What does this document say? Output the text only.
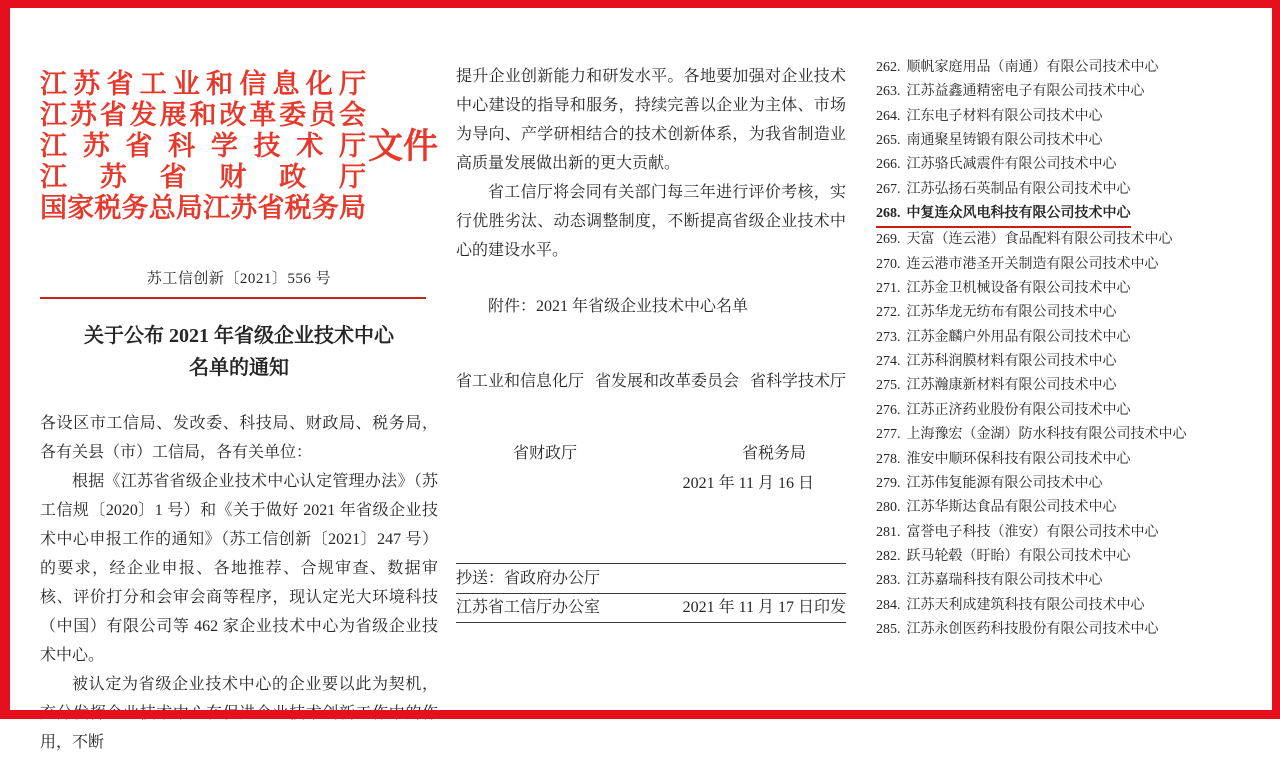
江苏省工业和信息化厅
江苏省发展和改革委员会
江苏省科学技术厅
江苏省财政厅
国家税务总局江苏省税务局
文件
苏工信创新〔2021〕556 号
关于公布 2021 年省级企业技术中心
名单的通知

各设区市工信局、发改委、科技局、财政局、税务局，各有关县（市）工信局，各有关单位：

根据《江苏省省级企业技术中心认定管理办法》（苏工信规〔2020〕1 号）和《关于做好 2021 年省级企业技术中心申报工作的通知》（苏工信创新〔2021〕247 号）的要求，经企业申报、各地推荐、合规审查、数据审核、评价打分和会审会商等程序，现认定光大环境科技（中国）有限公司等 462 家企业技术中心为省级企业技术中心。

被认定为省级企业技术中心的企业要以此为契机，充分发挥企业技术中心在促进企业技术创新工作中的作用，不断

提升企业创新能力和研发水平。各地要加强对企业技术中心建设的指导和服务，持续完善以企业为主体、市场为导向、产学研相结合的技术创新体系，为我省制造业高质量发展做出新的更大贡献。

省工信厅将会同有关部门每三年进行评价考核，实行优胜劣汰、动态调整制度，不断提高省级企业技术中心的建设水平。

附件：2021 年省级企业技术中心名单

省工业和信息化厅 省发展和改革委员会 省科学技术厅
省财政厅	省税务局
2021 年 11 月 16 日
抄送：省政府办公厅
江苏省工信厅办公室	2021 年 11 月 17 日印发
262. 顺帆家庭用品（南通）有限公司技术中心
263. 江苏益鑫通精密电子有限公司技术中心
264. 江东电子材料有限公司技术中心
265. 南通聚星铸锻有限公司技术中心
266. 江苏骆氏减震件有限公司技术中心
267. 江苏弘扬石英制品有限公司技术中心
268. 中复连众风电科技有限公司技术中心
269. 天富（连云港）食品配料有限公司技术中心
270. 连云港市港圣开关制造有限公司技术中心
271. 江苏金卫机械设备有限公司技术中心
272. 江苏华龙无纺布有限公司技术中心
273. 江苏金麟户外用品有限公司技术中心
274. 江苏科润膜材料有限公司技术中心
275. 江苏瀚康新材料有限公司技术中心
276. 江苏正济药业股份有限公司技术中心
277. 上海豫宏（金湖）防水科技有限公司技术中心
278. 淮安中顺环保科技有限公司技术中心
279. 江苏伟复能源有限公司技术中心
280. 江苏华斯达食品有限公司技术中心
281. 富誉电子科技（淮安）有限公司技术中心
282. 跃马轮毂（盱眙）有限公司技术中心
283. 江苏嘉瑞科技有限公司技术中心
284. 江苏天利成建筑科技有限公司技术中心
285. 江苏永创医药科技股份有限公司技术中心
